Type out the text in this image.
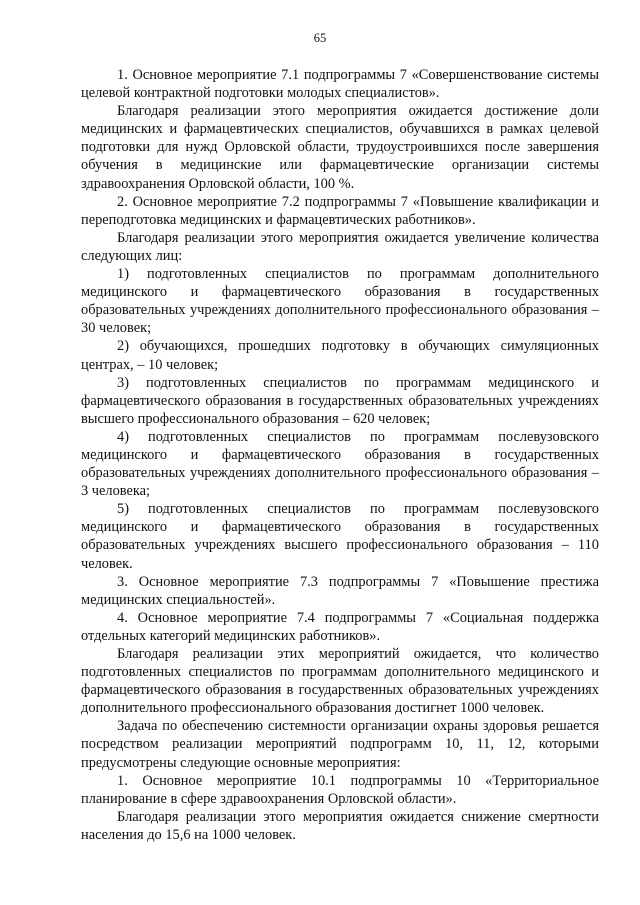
65

1. Основное мероприятие 7.1 подпрограммы 7 «Совершенствование системы целевой контрактной подготовки молодых специалистов».

Благодаря реализации этого мероприятия ожидается достижение доли медицинских и фармацевтических специалистов, обучавшихся в рамках целевой подготовки для нужд Орловской области, трудоустроившихся после завершения обучения в медицинские или фармацевтические организации системы здравоохранения Орловской области, 100 %.

2. Основное мероприятие 7.2 подпрограммы 7 «Повышение квалификации и переподготовка медицинских и фармацевтических работников».

Благодаря реализации этого мероприятия ожидается увеличение количества следующих лиц:

1) подготовленных специалистов по программам дополнительного медицинского и фармацевтического образования в государственных образовательных учреждениях дополнительного профессионального образования – 30 человек;

2) обучающихся, прошедших подготовку в обучающих симуляционных центрах, – 10 человек;

3) подготовленных специалистов по программам медицинского и фармацевтического образования в государственных образовательных учреждениях высшего профессионального образования – 620 человек;

4) подготовленных специалистов по программам послевузовского медицинского и фармацевтического образования в государственных образовательных учреждениях дополнительного профессионального образования – 3 человека;

5) подготовленных специалистов по программам послевузовского медицинского и фармацевтического образования в государственных образовательных учреждениях высшего профессионального образования – 110 человек.

3. Основное мероприятие 7.3 подпрограммы 7 «Повышение престижа медицинских специальностей».

4. Основное мероприятие 7.4 подпрограммы 7 «Социальная поддержка отдельных категорий медицинских работников».

Благодаря реализации этих мероприятий ожидается, что количество подготовленных специалистов по программам дополнительного медицинского и фармацевтического образования в государственных образовательных учреждениях дополнительного профессионального образования достигнет 1000 человек.

Задача по обеспечению системности организации охраны здоровья решается посредством реализации мероприятий подпрограмм 10, 11, 12, которыми предусмотрены следующие основные мероприятия:

1. Основное мероприятие 10.1 подпрограммы 10 «Территориальное планирование в сфере здравоохранения Орловской области».

Благодаря реализации этого мероприятия ожидается снижение смертности населения до 15,6 на 1000 человек.
